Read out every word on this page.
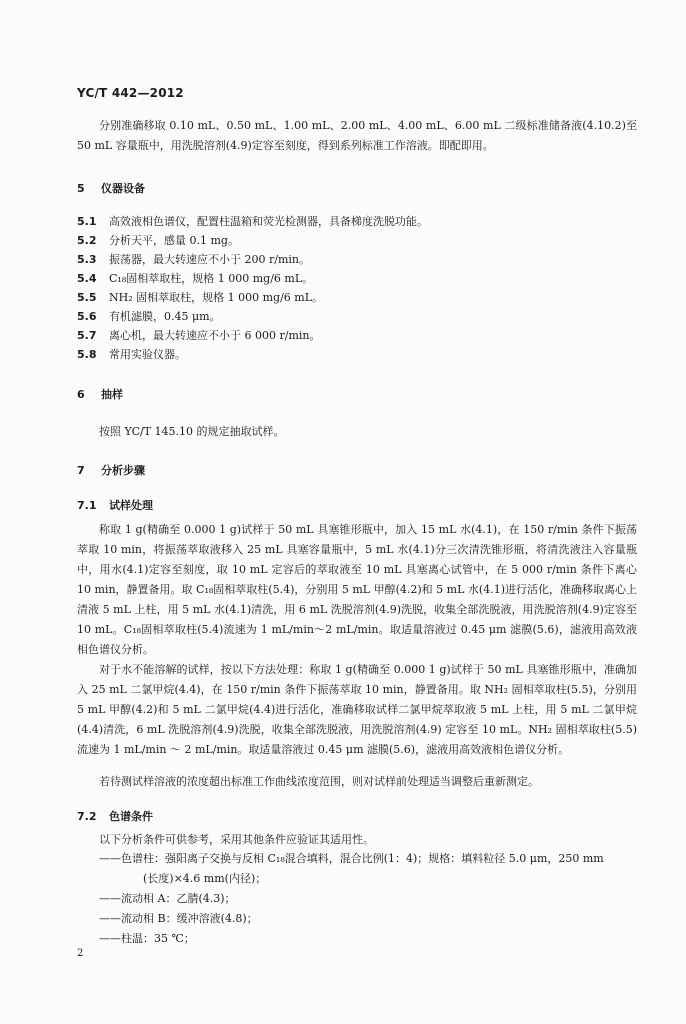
YC/T 442—2012
分别准确移取 0.10 mL、0.50 mL、1.00 mL、2.00 mL、4.00 mL、6.00 mL 二级标准储备液(4.10.2)至 50 mL 容量瓶中，用洗脱溶剂(4.9)定容至刻度，得到系列标准工作溶液。即配即用。
5 仪器设备
5.1 高效液相色谱仪，配置柱温箱和荧光检测器，具备梯度洗脱功能。
5.2 分析天平，感量 0.1 mg。
5.3 振荡器，最大转速应不小于 200 r/min。
5.4 C₁₈固相萃取柱，规格 1 000 mg/6 mL。
5.5 NH₂ 固相萃取柱，规格 1 000 mg/6 mL。
5.6 有机滤膜，0.45 μm。
5.7 离心机，最大转速应不小于 6 000 r/min。
5.8 常用实验仪器。
6 抽样
按照 YC/T 145.10 的规定抽取试样。
7 分析步骤
7.1 试样处理
称取 1 g(精确至 0.000 1 g)试样于 50 mL 具塞锥形瓶中，加入 15 mL 水(4.1)，在 150 r/min 条件下振荡萃取 10 min，将振荡萃取液移入 25 mL 具塞容量瓶中，5 mL 水(4.1)分三次清洗锥形瓶，将清洗液注入容量瓶中，用水(4.1)定容至刻度，取 10 mL 定容后的萃取液至 10 mL 具塞离心试管中，在 5 000 r/min 条件下离心 10 min，静置备用。取 C₁₈固相萃取柱(5.4)，分别用 5 mL 甲醇(4.2)和 5 mL 水(4.1)进行活化，准确移取离心上清液 5 mL 上柱，用 5 mL 水(4.1)清洗，用 6 mL 洗脱溶剂(4.9)洗脱，收集全部洗脱液，用洗脱溶剂(4.9)定容至 10 mL。C₁₈固相萃取柱(5.4)流速为 1 mL/min～2 mL/min。取适量溶液过 0.45 μm 滤膜(5.6)，滤液用高效液相色谱仪分析。
对于水不能溶解的试样，按以下方法处理：称取 1 g(精确至 0.000 1 g)试样于 50 mL 具塞锥形瓶中，准确加入 25 mL 二氯甲烷(4.4)，在 150 r/min 条件下振荡萃取 10 min，静置备用。取 NH₂ 固相萃取柱(5.5)，分别用 5 mL 甲醇(4.2)和 5 mL 二氯甲烷(4.4)进行活化，准确移取试样二氯甲烷萃取液 5 mL 上柱，用 5 mL 二氯甲烷(4.4)清洗，6 mL 洗脱溶剂(4.9)洗脱，收集全部洗脱液，用洗脱溶剂(4.9) 定容至 10 mL。NH₂ 固相萃取柱(5.5)流速为 1 mL/min ～ 2 mL/min。取适量溶液过 0.45 μm 滤膜(5.6)，滤液用高效液相色谱仪分析。
若待测试样溶液的浓度超出标准工作曲线浓度范围，则对试样前处理适当调整后重新测定。
7.2 色谱条件
以下分析条件可供参考，采用其他条件应验证其适用性。
——色谱柱：强阳离子交换与反相 C₁₈混合填料，混合比例(1：4)；规格：填料粒径 5.0 μm，250 mm
(长度)×4.6 mm(内径)；
——流动相 A：乙腈(4.3)；
——流动相 B：缓冲溶液(4.8)；
——柱温：35 ℃；
2
